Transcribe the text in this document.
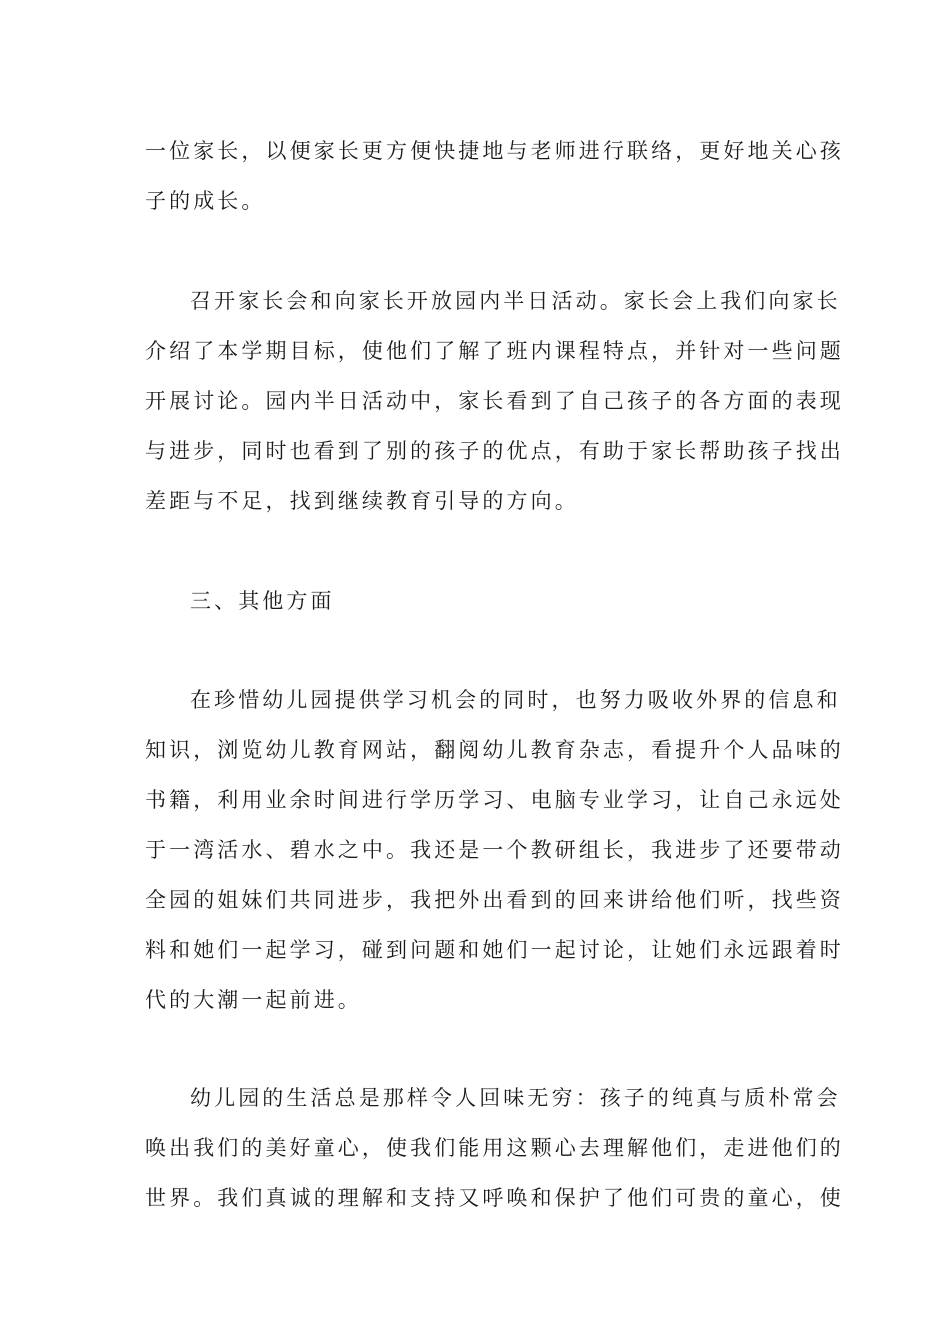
一位家长，以便家长更方便快捷地与老师进行联络，更好地关心孩

子的成长。

召开家长会和向家长开放园内半日活动。家长会上我们向家长

介绍了本学期目标，使他们了解了班内课程特点，并针对一些问题

开展讨论。园内半日活动中，家长看到了自己孩子的各方面的表现

与进步，同时也看到了别的孩子的优点，有助于家长帮助孩子找出

差距与不足，找到继续教育引导的方向。

三、其他方面

在珍惜幼儿园提供学习机会的同时，也努力吸收外界的信息和

知识，浏览幼儿教育网站，翻阅幼儿教育杂志，看提升个人品味的

书籍，利用业余时间进行学历学习、电脑专业学习，让自己永远处

于一湾活水、碧水之中。我还是一个教研组长，我进步了还要带动

全园的姐妹们共同进步，我把外出看到的回来讲给他们听，找些资

料和她们一起学习，碰到问题和她们一起讨论，让她们永远跟着时

代的大潮一起前进。

幼儿园的生活总是那样令人回味无穷：孩子的纯真与质朴常会

唤出我们的美好童心，使我们能用这颗心去理解他们，走进他们的

世界。我们真诚的理解和支持又呼唤和保护了他们可贵的童心，使
